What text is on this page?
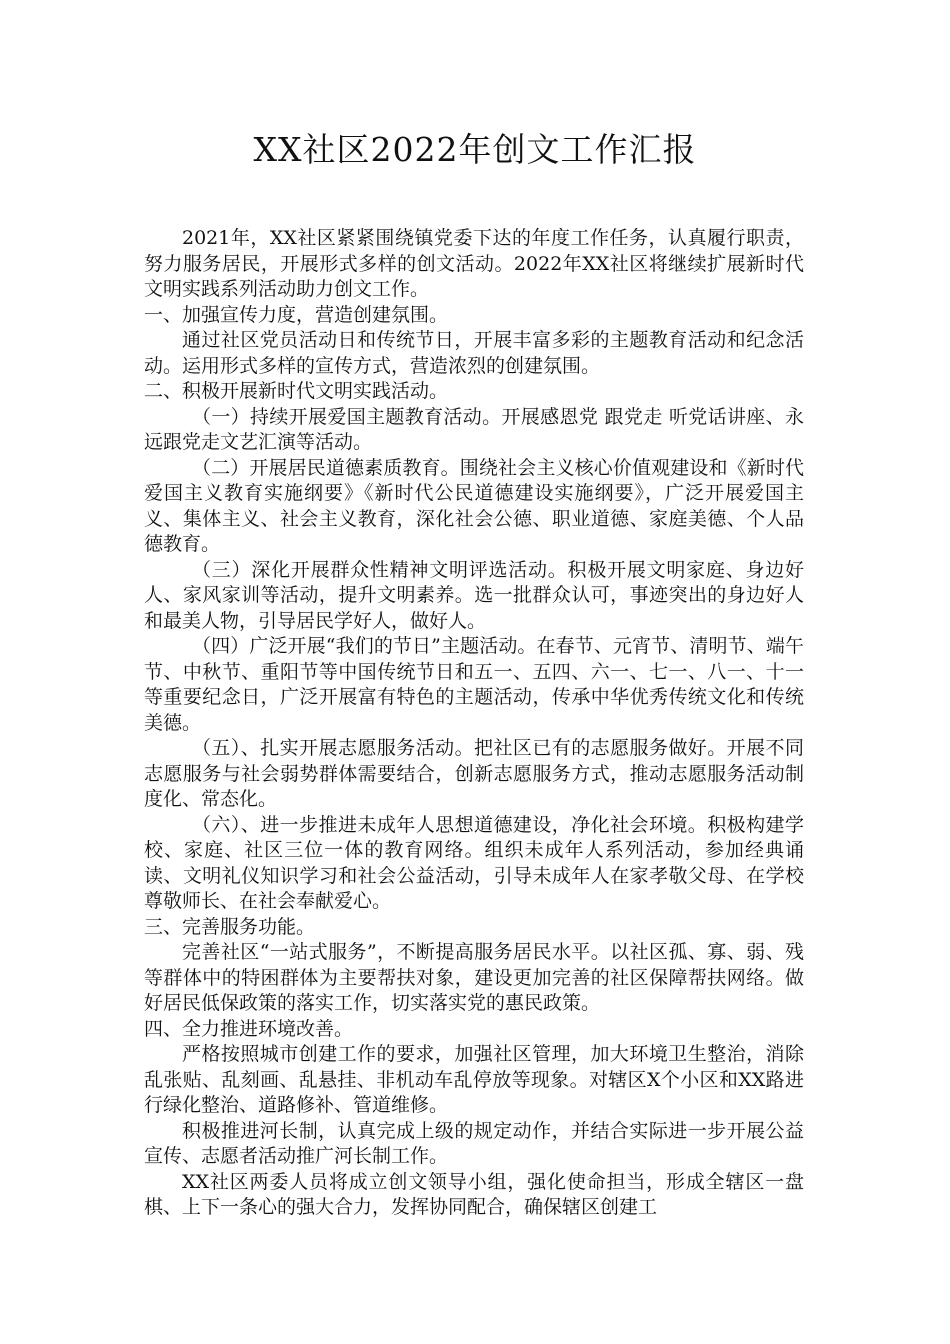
XX社区2022年创文工作汇报

2021年，XX社区紧紧围绕镇党委下达的年度工作任务，认真履行职责，努力服务居民，开展形式多样的创文活动。2022年XX社区将继续扩展新时代文明实践系列活动助力创文工作。

一、加强宣传力度，营造创建氛围。

通过社区党员活动日和传统节日，开展丰富多彩的主题教育活动和纪念活动。运用形式多样的宣传方式，营造浓烈的创建氛围。

二、积极开展新时代文明实践活动。

（一）持续开展爱国主题教育活动。开展感恩党 跟党走 听党话讲座、永远跟党走文艺汇演等活动。

（二）开展居民道德素质教育。围绕社会主义核心价值观建设和《新时代爱国主义教育实施纲要》《新时代公民道德建设实施纲要》，广泛开展爱国主义、集体主义、社会主义教育，深化社会公德、职业道德、家庭美德、个人品德教育。

（三）深化开展群众性精神文明评选活动。积极开展文明家庭、身边好人、家风家训等活动，提升文明素养。选一批群众认可，事迹突出的身边好人和最美人物，引导居民学好人，做好人。

（四）广泛开展“我们的节日”主题活动。在春节、元宵节、清明节、端午节、中秋节、重阳节等中国传统节日和五一、五四、六一、七一、八一、十一等重要纪念日，广泛开展富有特色的主题活动，传承中华优秀传统文化和传统美德。

（五）、扎实开展志愿服务活动。把社区已有的志愿服务做好。开展不同志愿服务与社会弱势群体需要结合，创新志愿服务方式，推动志愿服务活动制度化、常态化。

（六）、进一步推进未成年人思想道德建设，净化社会环境。积极构建学校、家庭、社区三位一体的教育网络。组织未成年人系列活动，参加经典诵 读、文明礼仪知识学习和社会公益活动，引导未成年人在家孝敬父母、在学校尊敬师长、在社会奉献爱心。

三、完善服务功能。

完善社区“一站式服务”，不断提高服务居民水平。以社区孤、寡、弱、残等群体中的特困群体为主要帮扶对象，建设更加完善的社区保障帮扶网络。做好居民低保政策的落实工作，切实落实党的惠民政策。

四、全力推进环境改善。

严格按照城市创建工作的要求，加强社区管理，加大环境卫生整治，消除乱张贴、乱刻画、乱悬挂、非机动车乱停放等现象。对辖区X个小区和XX路进行绿化整治、道路修补、管道维修。

积极推进河长制，认真完成上级的规定动作，并结合实际进一步开展公益宣传、志愿者活动推广河长制工作。

XX社区两委人员将成立创文领导小组，强化使命担当，形成全辖区一盘棋、上下一条心的强大合力，发挥协同配合，确保辖区创建工
